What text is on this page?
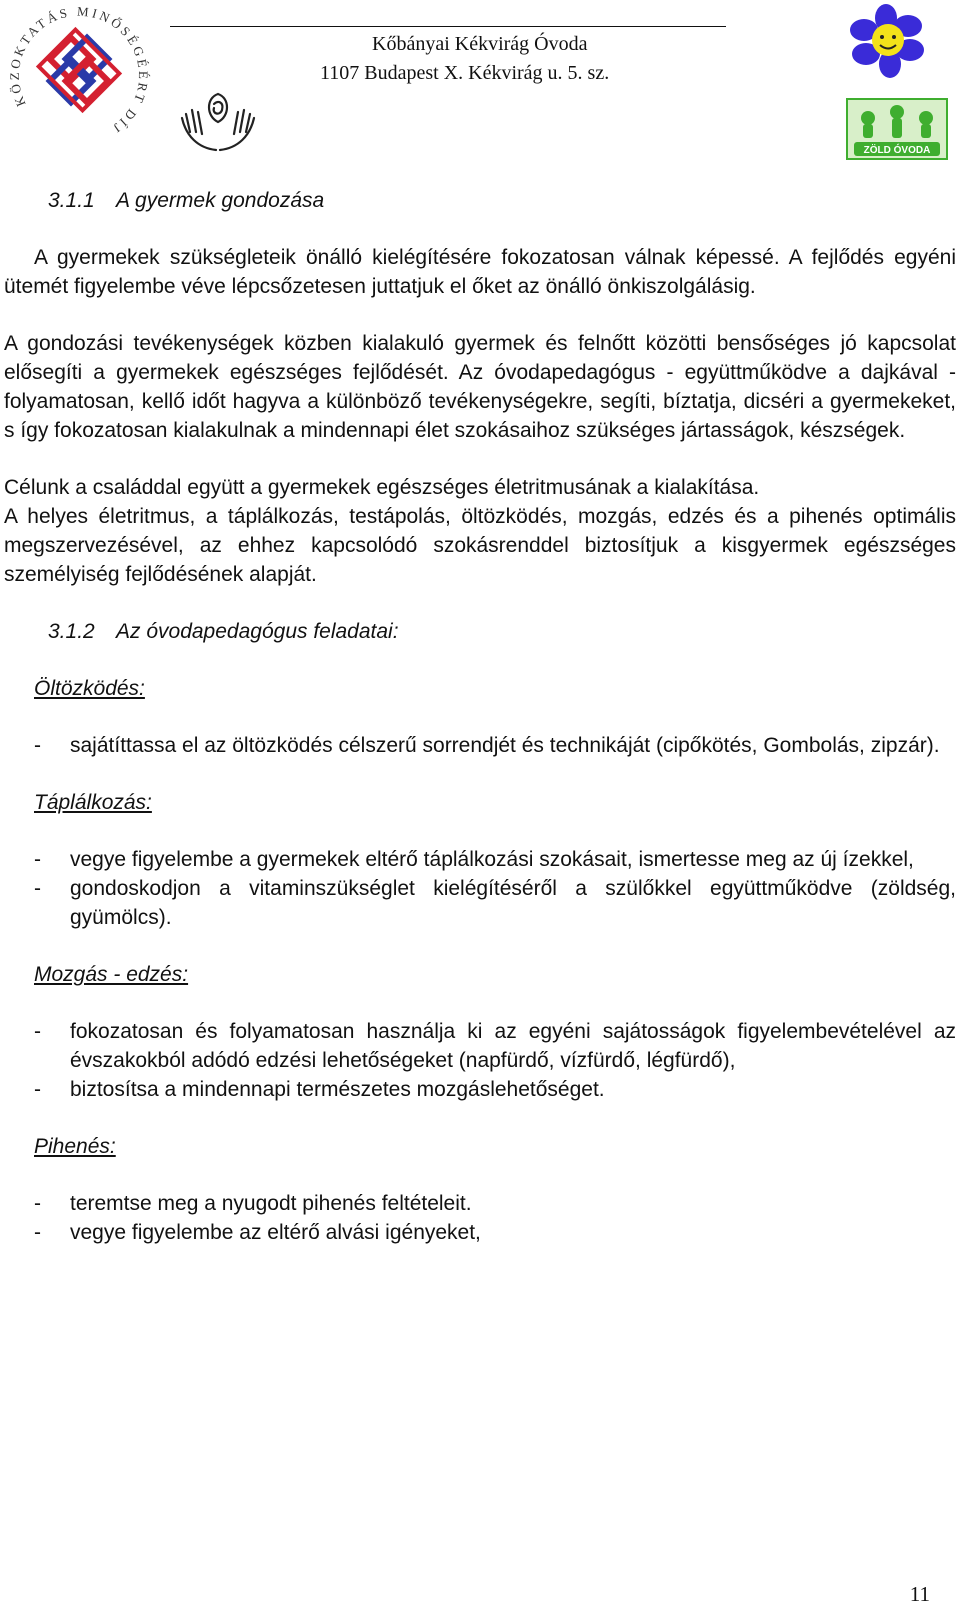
KÖZOKTATÁS MINŐSÉGÉÉRT DÍJ
Kőbányai Kékvirág Óvoda
1107 Budapest X. Kékvirág u. 5. sz.
ZÖLD ÓVODA
3.1.1 A gyermek gondozása

A gyermekek szükségleteik önálló kielégítésére fokozatosan válnak képessé. A fejlődés egyéni ütemét figyelembe véve lépcsőzetesen juttatjuk el őket az önálló önkiszolgálásig.

A gondozási tevékenységek közben kialakuló gyermek és felnőtt közötti bensőséges jó kapcsolat elősegíti a gyermekek egészséges fejlődését. Az óvodapedagógus - együttműködve a dajkával - folyamatosan, kellő időt hagyva a különböző tevékenységekre, segíti, bíztatja, dicséri a gyermekeket, s így fokozatosan kialakulnak a mindennapi élet szokásaihoz szükséges jártasságok, készségek.

Célunk a családdal együtt a gyermekek egészséges életritmusának a kialakítása.

A helyes életritmus, a táplálkozás, testápolás, öltözködés, mozgás, edzés és a pihenés optimális megszervezésével, az ehhez kapcsolódó szokásrenddel biztosítjuk a kisgyermek egészséges személyiség fejlődésének alapját.

3.1.2 Az óvodapedagógus feladatai:

Öltözködés:

- sajátíttassa el az öltözködés célszerű sorrendjét és technikáját (cipőkötés, Gombolás, zipzár).

Táplálkozás:

- vegye figyelembe a gyermekek eltérő táplálkozási szokásait, ismertesse meg az új ízekkel,
- gondoskodjon a vitaminszükséglet kielégítéséről a szülőkkel együttműködve (zöldség, gyümölcs).

Mozgás - edzés:

- fokozatosan és folyamatosan használja ki az egyéni sajátosságok figyelembevételével az évszakokból adódó edzési lehetőségeket (napfürdő, vízfürdő, légfürdő),
- biztosítsa a mindennapi természetes mozgáslehetőséget.

Pihenés:

- teremtse meg a nyugodt pihenés feltételeit.
- vegye figyelembe az eltérő alvási igényeket,
11
